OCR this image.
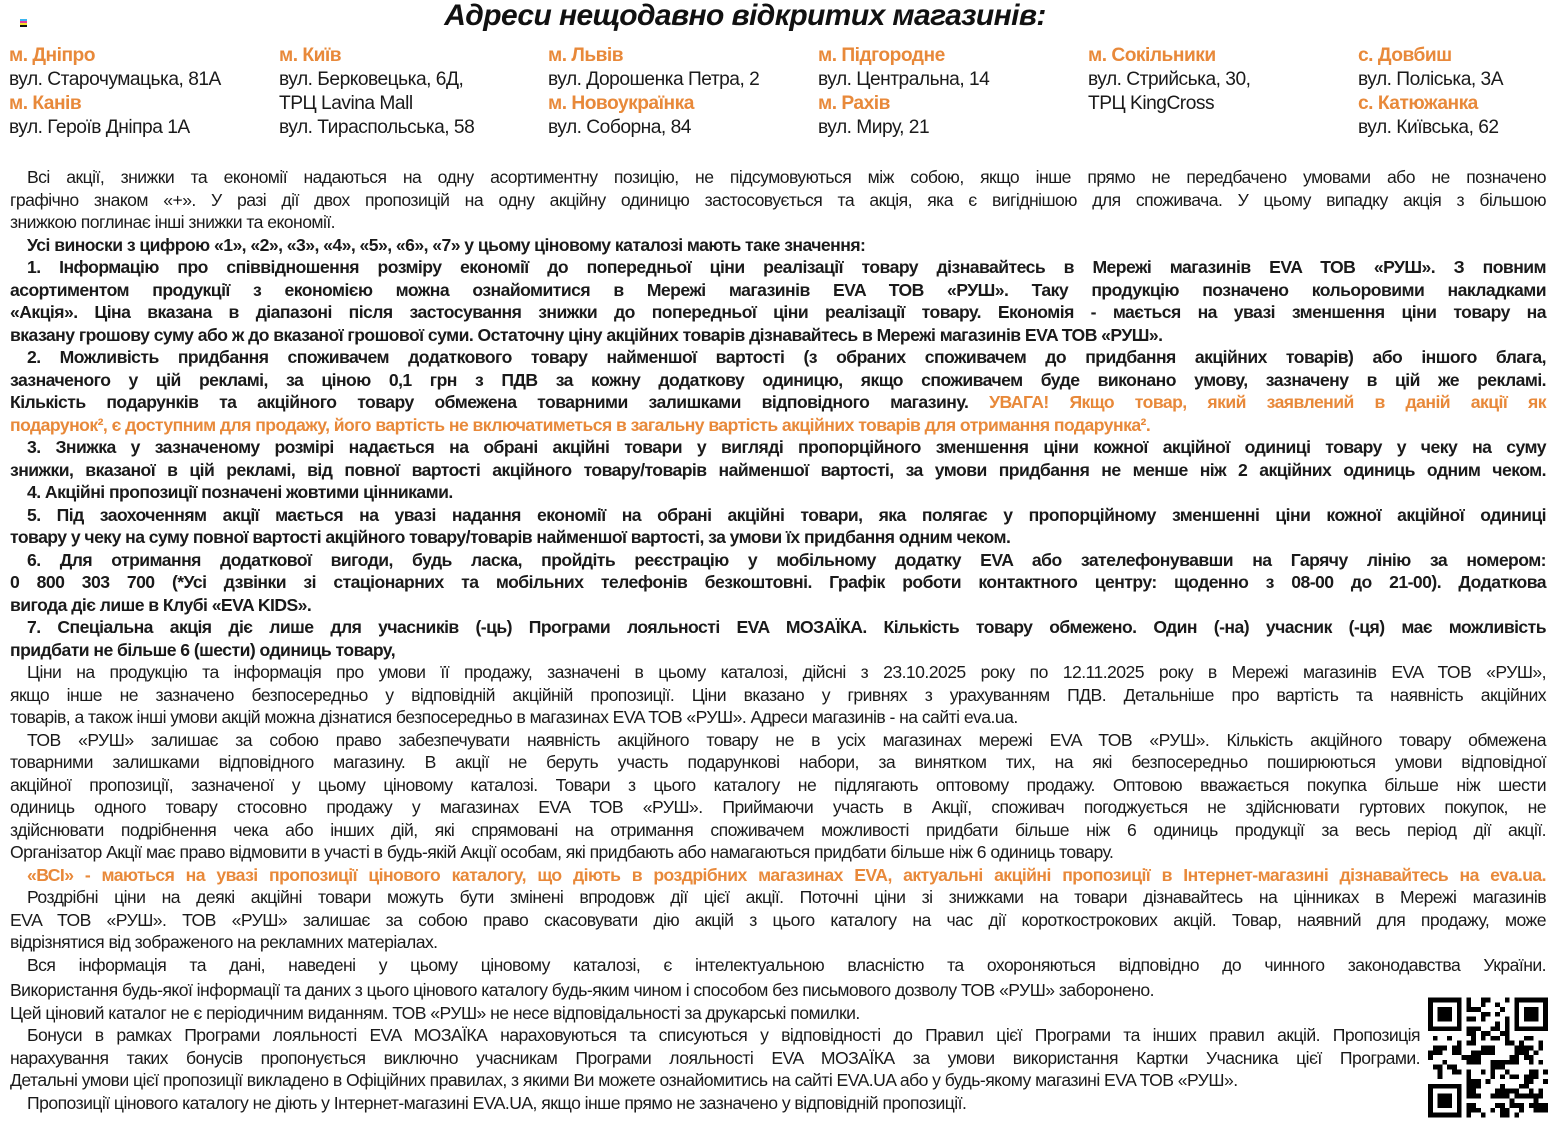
Адреси нещодавно відкритих магазинів:
м. Дніпро
вул. Старочумацька, 81А
м. Канів
вул. Героїв Дніпра 1А
м. Київ
вул. Берковецька, 6Д,
ТРЦ Lavina Mall
вул. Тираспольська, 58
м. Львів
вул. Дорошенка Петра, 2
м. Новоукраїнка
вул. Соборна, 84
м. Підгородне
вул. Центральна, 14
м. Рахів
вул. Миру, 21
м. Сокільники
вул. Стрийська, 30,
ТРЦ KingCross
с. Довбиш
вул. Поліська, 3А
с. Катюжанка
вул. Київська, 62
Всі акції, знижки та економії надаються на одну асортиментну позицію, не підсумовуються між собою, якщо інше прямо не передбачено умовами або не позначено
графічно знаком «+». У разі дії двох пропозицій на одну акційну одиницю застосовується та акція, яка є вигіднішою для споживача. У цьому випадку акція з більшою
знижкою поглинає інші знижки та економії.
Усі виноски з цифрою «1», «2», «3», «4», «5», «6», «7» у цьому ціновому каталозі мають таке значення:
1. Інформацію про співвідношення розміру економії до попередньої ціни реалізації товару дізнавайтесь в Мережі магазинів EVA ТОВ «РУШ». З повним
асортиментом продукції з економією можна ознайомитися в Мережі магазинів EVA ТОВ «РУШ». Таку продукцію позначено кольоровими накладками
«Акція». Ціна вказана в діапазоні після застосування знижки до попередньої ціни реалізації товару. Економія - мається на увазі зменшення ціни товару на
вказану грошову суму або ж до вказаної грошової суми. Остаточну ціну акційних товарів дізнавайтесь в Мережі магазинів EVA ТОВ «РУШ».
2. Можливість придбання споживачем додаткового товару найменшої вартості (з обраних споживачем до придбання акційних товарів) або іншого блага,
зазначеного у цій рекламі, за ціною 0,1 грн з ПДВ за кожну додаткову одиницю, якщо споживачем буде виконано умову, зазначену в цій же рекламі.
Кількість подарунків та акційного товару обмежена товарними залишками відповідного магазину. УВАГА! Якщо товар, який заявлений в даній акції як
подарунок², є доступним для продажу, його вартість не включатиметься в загальну вартість акційних товарів для отримання подарунка².
3. Знижка у зазначеному розмірі надається на обрані акційні товари у вигляді пропорційного зменшення ціни кожної акційної одиниці товару у чеку на суму
знижки, вказаної в цій рекламі, від повної вартості акційного товару/товарів найменшої вартості, за умови придбання не менше ніж 2 акційних одиниць одним чеком.
4. Акційні пропозиції позначені жовтими цінниками.
5. Під заохоченням акції мається на увазі надання економії на обрані акційні товари, яка полягає у пропорційному зменшенні ціни кожної акційної одиниці
товару у чеку на суму повної вартості акційного товару/товарів найменшої вартості, за умови їх придбання одним чеком.
6. Для отримання додаткової вигоди, будь ласка, пройдіть реєстрацію у мобільному додатку EVA або зателефонувавши на Гарячу лінію за номером:
0 800 303 700 (*Усі дзвінки зі стаціонарних та мобільних телефонів безкоштовні. Графік роботи контактного центру: щоденно з 08-00 до 21-00). Додаткова
вигода діє лише в Клубі «EVA KIDS».
7. Спеціальна акція діє лише для учасників (-ць) Програми лояльності EVA МОЗАЇКА. Кількість товару обмежено. Один (-на) учасник (-ця) має можливість
придбати не більше 6 (шести) одиниць товару,
Ціни на продукцію та інформація про умови її продажу, зазначені в цьому каталозі, дійсні з 23.10.2025 року по 12.11.2025 року в Мережі магазинів EVA ТОВ «РУШ»,
якщо інше не зазначено безпосередньо у відповідній акційній пропозиції. Ціни вказано у гривнях з урахуванням ПДВ. Детальніше про вартість та наявність акційних
товарів, а також інші умови акцій можна дізнатися безпосередньо в магазинах EVA ТОВ «РУШ». Адреси магазинів - на сайті eva.ua.
ТОВ «РУШ» залишає за собою право забезпечувати наявність акційного товару не в усіх магазинах мережі EVA ТОВ «РУШ». Кількість акційного товару обмежена
товарними залишками відповідного магазину. В акції не беруть участь подарункові набори, за винятком тих, на які безпосередньо поширюються умови відповідної
акційної пропозиції, зазначеної у цьому ціновому каталозі. Товари з цього каталогу не підлягають оптовому продажу. Оптовою вважається покупка більше ніж шести
одиниць одного товару стосовно продажу у магазинах EVA ТОВ «РУШ». Приймаючи участь в Акції, споживач погоджується не здійснювати гуртових покупок, не
здійснювати подрібнення чека або інших дій, які спрямовані на отримання споживачем можливості придбати більше ніж 6 одиниць продукції за весь період дії акції.
Організатор Акції має право відмовити в участі в будь-якій Акції особам, які придбають або намагаються придбати більше ніж 6 одиниць товару.
«ВСІ» - маються на увазі пропозиції цінового каталогу, що діють в роздрібних магазинах EVA, актуальні акційні пропозиції в Інтернет-магазині дізнавайтесь на eva.ua.
Роздрібні ціни на деякі акційні товари можуть бути змінені впродовж дії цієї акції. Поточні ціни зі знижками на товари дізнавайтесь на цінниках в Мережі магазинів
EVA ТОВ «РУШ». ТОВ «РУШ» залишає за собою право скасовувати дію акцій з цього каталогу на час дії короткострокових акцій. Товар, наявний для продажу, може
відрізнятися від зображеного на рекламних матеріалах.
Вся інформація та дані, наведені у цьому ціновому каталозі, є інтелектуальною власністю та охороняються відповідно до чинного законодавства України.
Використання будь-якої інформації та даних з цього цінового каталогу будь-яким чином і способом без письмового дозволу ТОВ «РУШ» заборонено.
Цей ціновий каталог не є періодичним виданням. ТОВ «РУШ» не несе відповідальності за друкарські помилки.
Бонуси в рамках Програми лояльності EVA МОЗАЇКА нараховуються та списуються у відповідності до Правил цієї Програми та інших правил акцій. Пропозиція
нарахування таких бонусів пропонується виключно учасникам Програми лояльності EVA МОЗАЇКА за умови використання Картки Учасника цієї Програми.
Детальні умови цієї пропозиції викладено в Офіційних правилах, з якими Ви можете ознайомитись на сайті EVA.UA або у будь-якому магазині EVA ТОВ «РУШ».
Пропозиції цінового каталогу не діють у Інтернет-магазині EVA.UA, якщо інше прямо не зазначено у відповідній пропозиції.
